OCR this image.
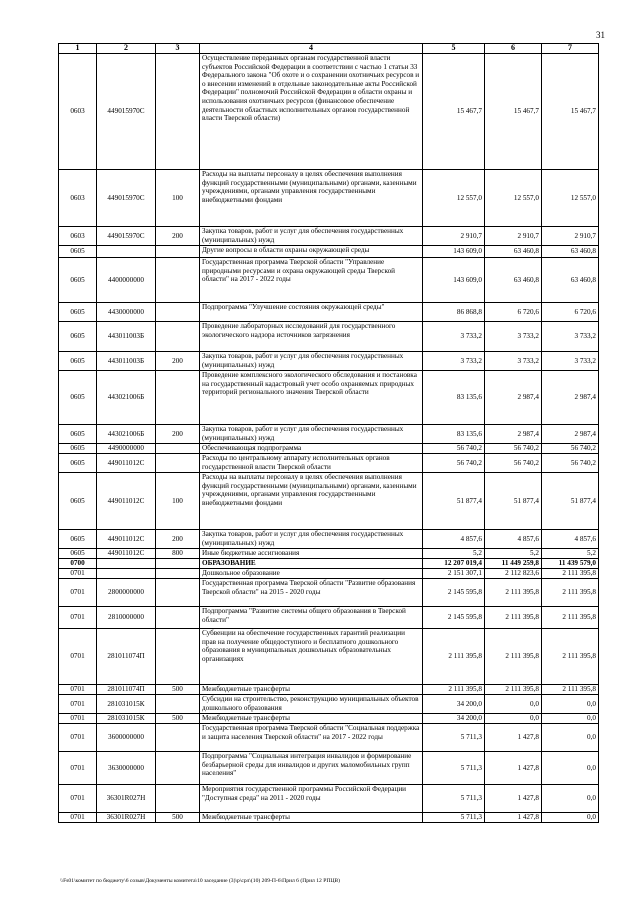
31
1	2	3	4	5	6	7
0603	449015970С		Осуществление переданных органам государственной власти субъектов Российской Федерации в соответствии с частью 1 статьи 33 Федерального закона "Об охоте и о сохранении охотничьих ресурсов и о внесении изменений в отдельные законодательные акты Российской Федерации" полномочий Российской Федерации в области охраны и использования охотничьих ресурсов (финансовое обеспечение деятельности областных исполнительных органов государственной власти Тверской области)	15 467,7	15 467,7	15 467,7
0603	449015970С	100	Расходы на выплаты персоналу в целях обеспечения выполнения функций государственными (муниципальными) органами, казенными учреждениями, органами управления государственными внебюджетными фондами	12 557,0	12 557,0	12 557,0
0603	449015970С	200	Закупка товаров, работ и услуг для обеспечения государственных (муниципальных) нужд	2 910,7	2 910,7	2 910,7
0605			Другие вопросы в области охраны окружающей среды	143 609,0	63 460,8	63 460,8
0605	4400000000		Государственная программа Тверской области "Управление природными ресурсами и охрана окружающей среды Тверской области" на 2017 - 2022 годы	143 609,0	63 460,8	63 460,8
0605	4430000000		Подпрограмма "Улучшение состояния окружающей среды"	86 868,8	6 720,6	6 720,6
0605	443011003Б		Проведение лабораторных исследований для государственного экологического надзора источников загрязнения	3 733,2	3 733,2	3 733,2
0605	443011003Б	200	Закупка товаров, работ и услуг для обеспечения государственных (муниципальных) нужд	3 733,2	3 733,2	3 733,2
0605	443021006Б		Проведение комплексного экологического обследования и постановка на государственный кадастровый учет особо охраняемых природных территорий регионального значения Тверской области	83 135,6	2 987,4	2 987,4
0605	443021006Б	200	Закупка товаров, работ и услуг для обеспечения государственных (муниципальных) нужд	83 135,6	2 987,4	2 987,4
0605	4490000000		Обеспечивающая подпрограмма	56 740,2	56 740,2	56 740,2
0605	449011012С		Расходы по центральному аппарату исполнительных органов государственной власти Тверской области	56 740,2	56 740,2	56 740,2
0605	449011012С	100	Расходы на выплаты персоналу в целях обеспечения выполнения функций государственными (муниципальными) органами, казенными учреждениями, органами управления государственными внебюджетными фондами	51 877,4	51 877,4	51 877,4
0605	449011012С	200	Закупка товаров, работ и услуг для обеспечения государственных (муниципальных) нужд	4 857,6	4 857,6	4 857,6
0605	449011012С	800	Иные бюджетные ассигнования	5,2	5,2	5,2
0700			ОБРАЗОВАНИЕ	12 207 019,4	11 449 259,8	11 439 579,0
0701			Дошкольное образование	2 151 307,1	2 112 823,6	2 111 395,8
0701	2800000000		Государственная программа Тверской области "Развитие образования Тверской области" на 2015 - 2020 годы	2 145 595,8	2 111 395,8	2 111 395,8
0701	2810000000		Подпрограмма "Развитие системы общего образования в Тверской области"	2 145 595,8	2 111 395,8	2 111 395,8
0701	281011074П		Субвенции на обеспечение государственных гарантий реализации прав на получение общедоступного и бесплатного дошкольного образования в муниципальных дошкольных образовательных организациях	2 111 395,8	2 111 395,8	2 111 395,8
0701	281011074П	500	Межбюджетные трансферты	2 111 395,8	2 111 395,8	2 111 395,8
0701	281031015К		Субсидии на строительство, реконструкцию муниципальных объектов дошкольного образования	34 200,0	0,0	0,0
0701	281031015К	500	Межбюджетные трансферты	34 200,0	0,0	0,0
0701	3600000000		Государственная программа Тверской области "Социальная поддержка и защита населения Тверской области" на 2017 - 2022 годы	5 711,3	1 427,8	0,0
0701	3630000000		Подпрограмма "Социальная интеграция инвалидов и формирование безбарьерной среды для инвалидов и других маломобильных групп населения"	5 711,3	1 427,8	0,0
0701	36301R027Н		Мероприятия государственной программы Российской Федерации "Доступная среда" на 2011 - 2020 годы	5 711,3	1 427,8	0,0
0701	36301R027Н	500	Межбюджетные трансферты	5 711,3	1 427,8	0,0
\\Fs01\комитет по бюджету\6 созыв\Документы комитета\10 заседание (3)\р\срл\(10) 209-П-6\Прил 6 (Прил 12 РПЦВ)
